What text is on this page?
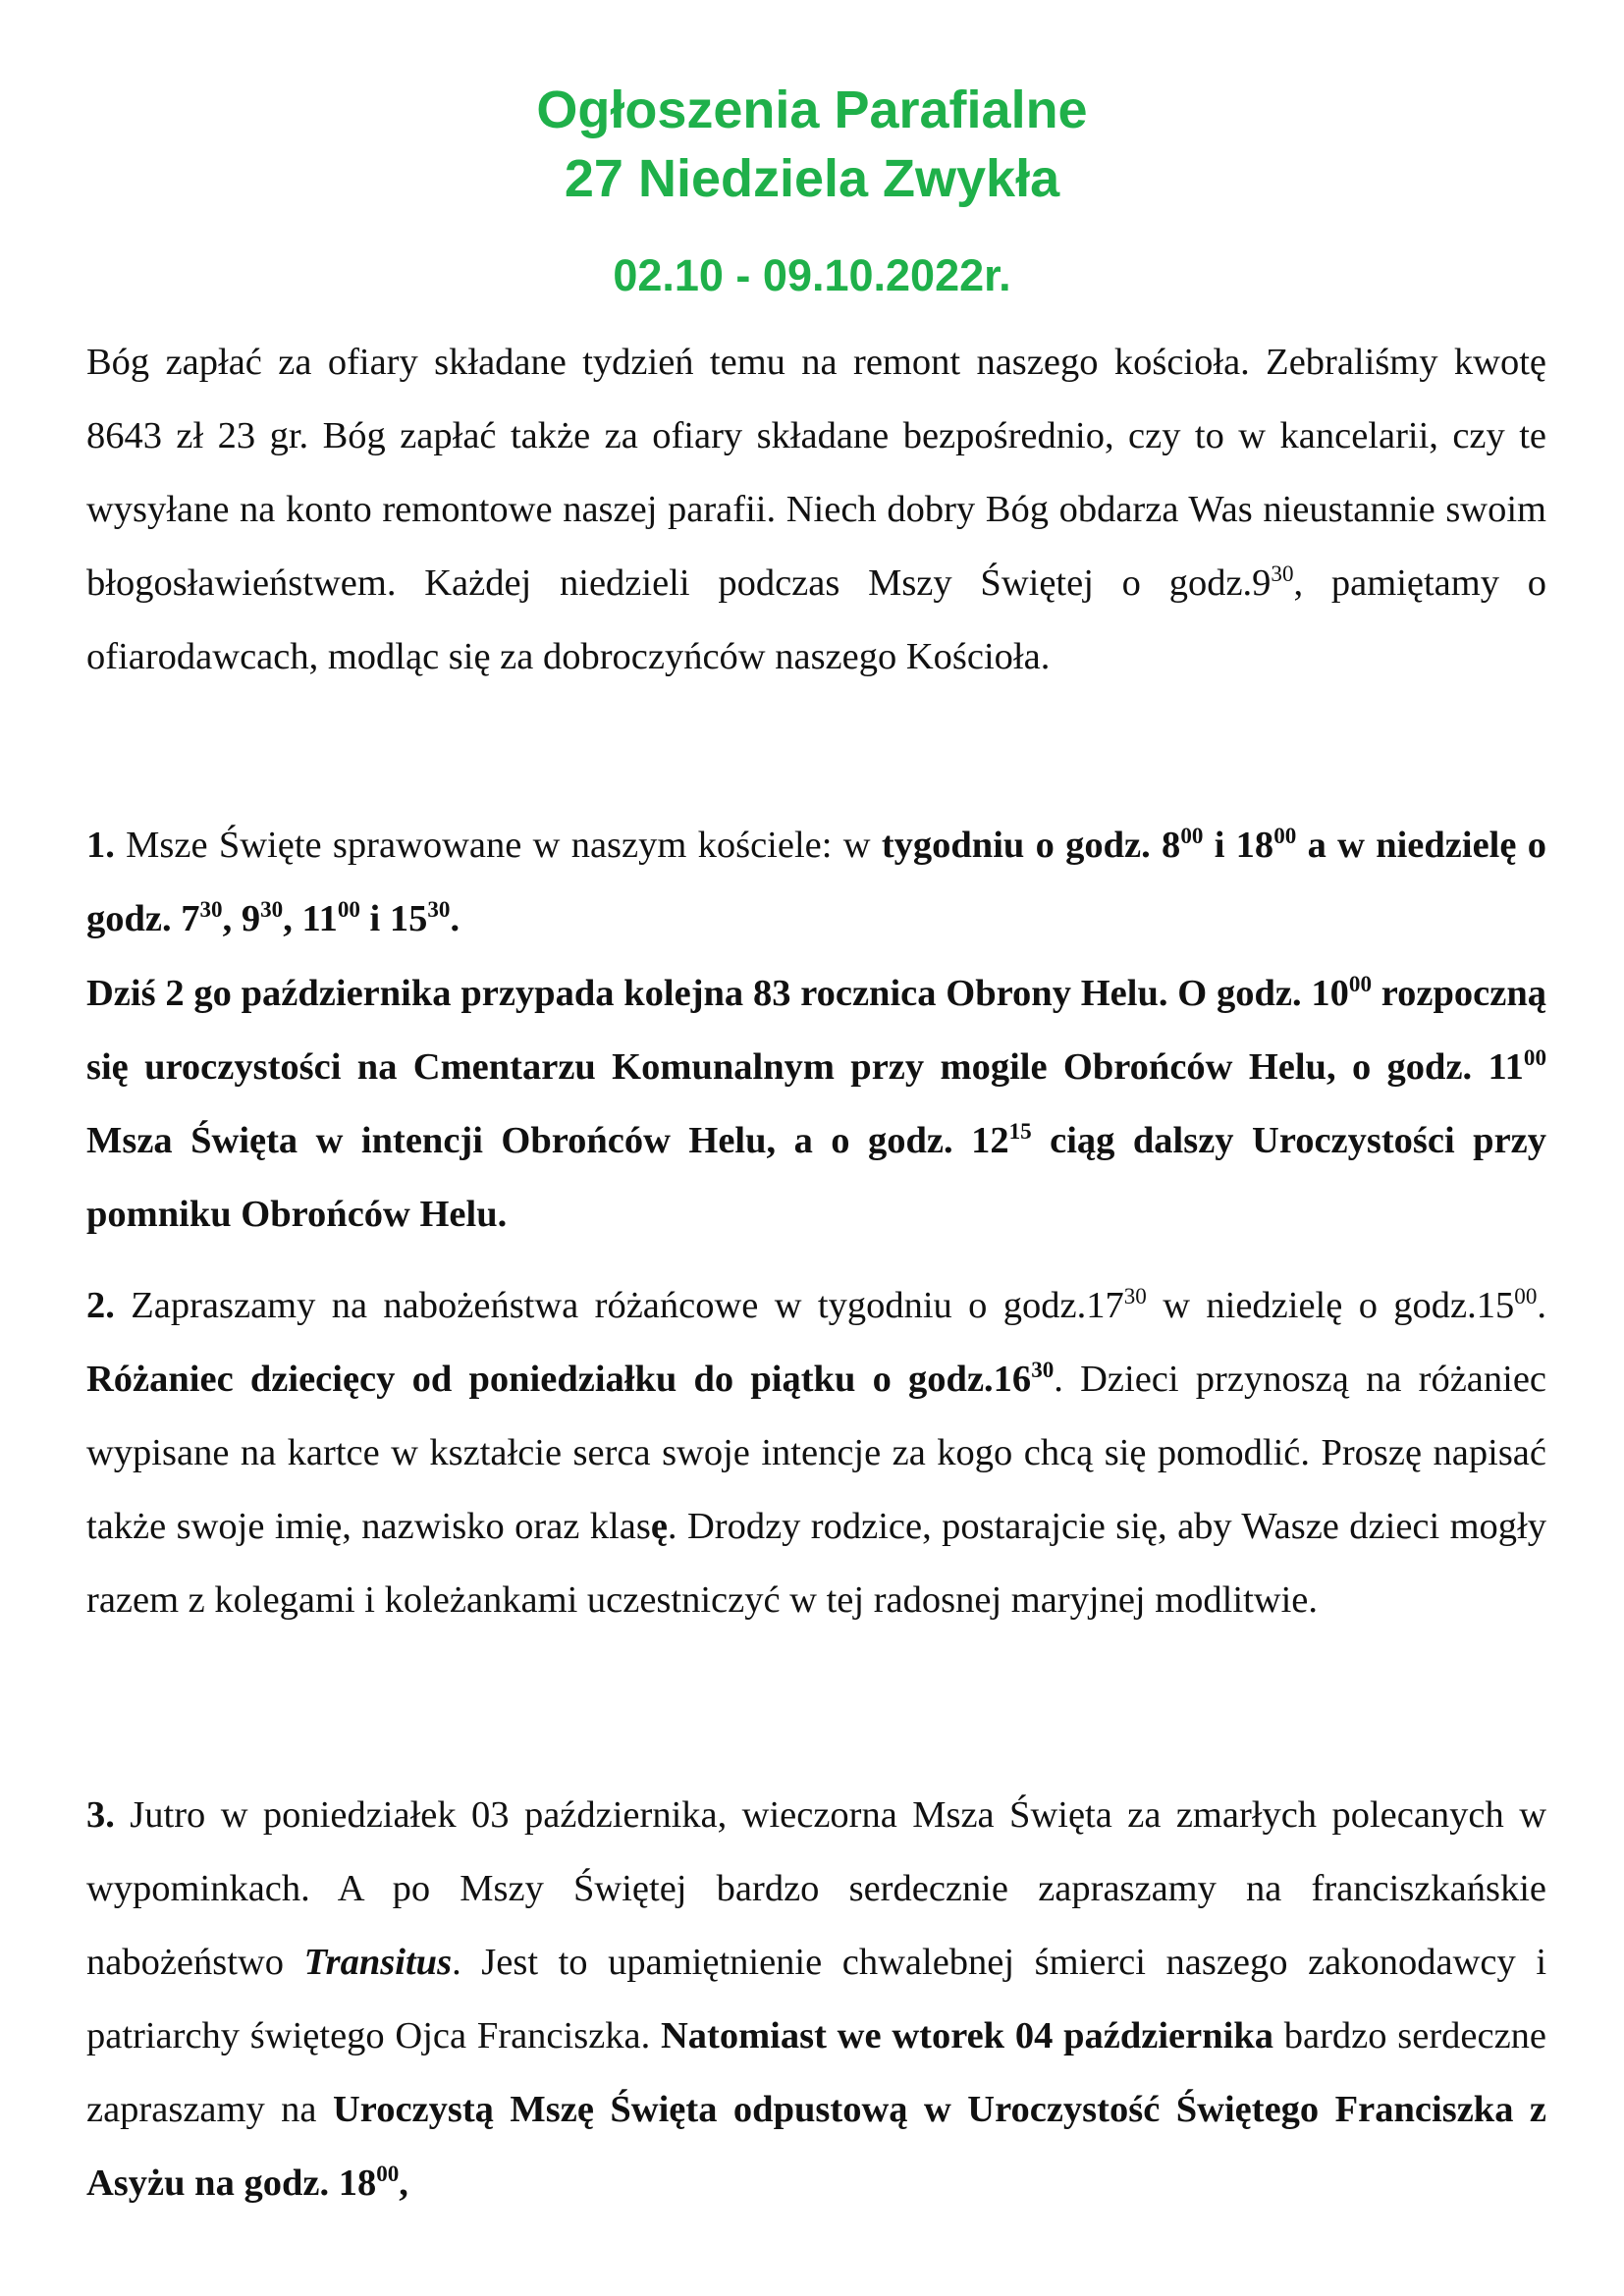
Ogłoszenia Parafialne
27 Niedziela Zwykła
02.10 - 09.10.2022r.

Bóg zapłać za ofiary składane tydzień temu na remont naszego kościoła. Zebraliśmy kwotę 8643 zł 23 gr. Bóg zapłać także za ofiary składane bezpośrednio, czy to w kancelarii, czy te wysyłane na konto remontowe naszej parafii. Niech dobry Bóg obdarza Was nieustannie swoim błogosławieństwem. Każdej niedzieli podczas Mszy Świętej o $godz.9^{30}$, pamiętamy o ofiarodawcach, modląc się za dobroczyńców naszego Kościoła.

1. Msze Święte sprawowane w naszym kościele: w tygodniu o godz. $8^{00}$ i $18^{00}$ a w niedzielę o godz. $7^{30}$, $9^{30}$, $11^{00}$ i $15^{30}$.

Dziś 2 go października przypada kolejna 83 rocznica Obrony Helu. O godz. $10^{00}$ rozpoczną się uroczystości na Cmentarzu Komunalnym przy mogile Obrońców Helu, o godz. $11^{00}$ Msza Święta w intencji Obrońców Helu, a o godz. $12^{15}$ ciąg dalszy Uroczystości przy pomniku Obrońców Helu.

2. Zapraszamy na nabożeństwa różańcowe w tygodniu o $godz.17^{30}$ w niedzielę o $godz.15^{00}$. Różaniec dziecięcy od poniedziałku do piątku o $godz.16^{30}$. Dzieci przynoszą na różaniec wypisane na kartce w kształcie serca swoje intencje za kogo chcą się pomodlić. Proszę napisać także swoje imię, nazwisko oraz klasę. Drodzy rodzice, postarajcie się, aby Wasze dzieci mogły razem z kolegami i koleżankami uczestniczyć w tej radosnej maryjnej modlitwie.

3. Jutro w poniedziałek 03 października, wieczorna Msza Święta za zmarłych polecanych w wypominkach. A po Mszy Świętej bardzo serdecznie zapraszamy na franciszkańskie nabożeństwo Transitus. Jest to upamiętnienie chwalebnej śmierci naszego zakonodawcy i patriarchy świętego Ojca Franciszka. Natomiast we wtorek 04 października bardzo serdeczne zapraszamy na Uroczystą Mszę Święta odpustową w Uroczystość Świętego Franciszka z Asyżu na godz. $18^{00}$,
